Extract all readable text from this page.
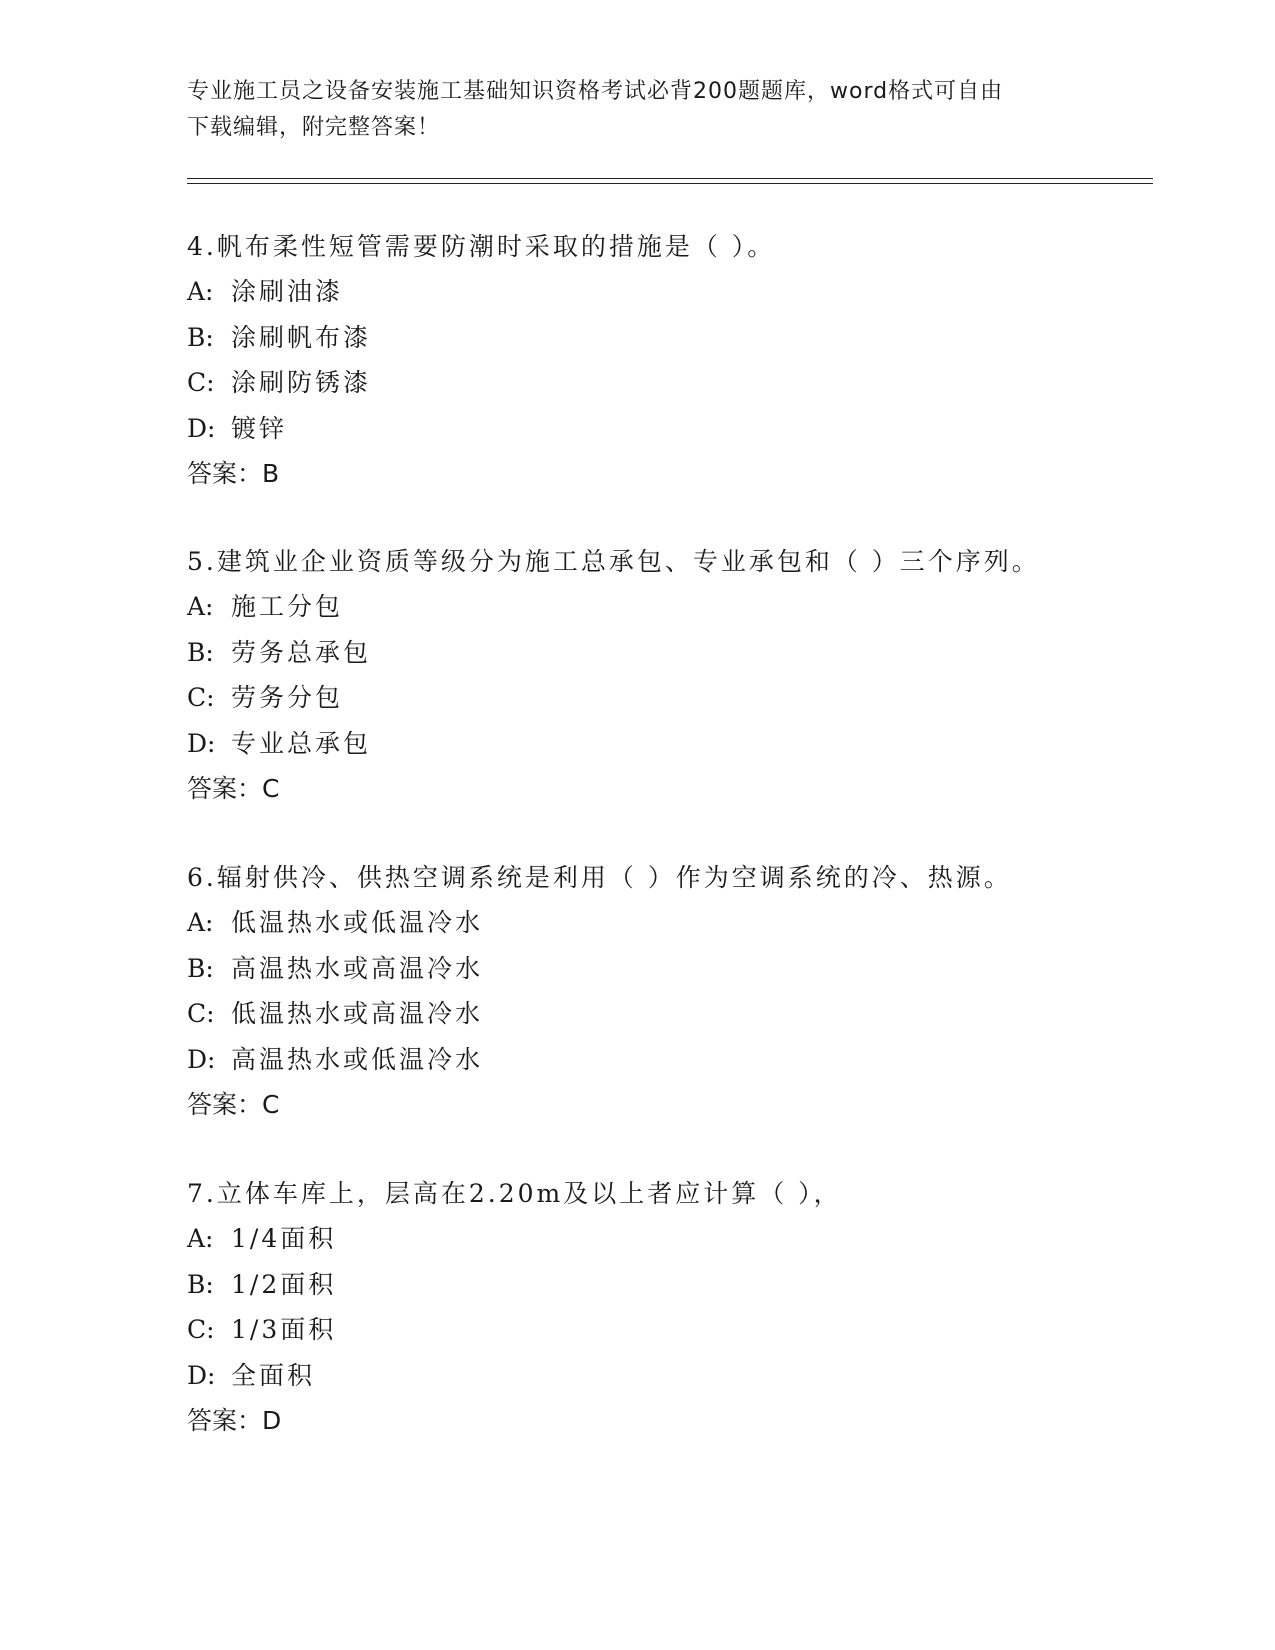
专业施工员之设备安装施工基础知识资格考试必背200题题库，word格式可自由
下载编辑，附完整答案！
4.帆布柔性短管需要防潮时采取的措施是（ ）。
A: 涂刷油漆
B: 涂刷帆布漆
C: 涂刷防锈漆
D: 镀锌
答案：B
5.建筑业企业资质等级分为施工总承包、专业承包和（ ）三个序列。
A: 施工分包
B: 劳务总承包
C: 劳务分包
D: 专业总承包
答案：C
6.辐射供冷、供热空调系统是利用（ ）作为空调系统的冷、热源。
A: 低温热水或低温冷水
B: 高温热水或高温冷水
C: 低温热水或高温冷水
D: 高温热水或低温冷水
答案：C
7.立体车库上，层高在2.20m及以上者应计算（ ），
A: 1/4面积
B: 1/2面积
C: 1/3面积
D: 全面积
答案：D
